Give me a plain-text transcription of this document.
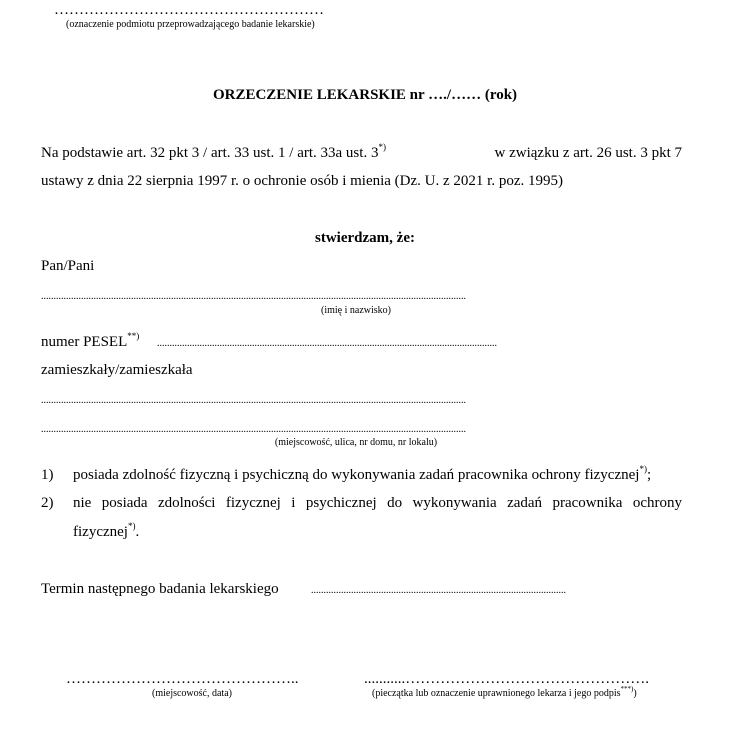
………………………………………………
(oznaczenie podmiotu przeprowadzającego badanie lekarskie)
ORZECZENIE LEKARSKIE nr …./…… (rok)
Na podstawie art. 32 pkt 3 / art. 33 ust. 1 / art. 33a ust. 3*)	w związku z art. 26 ust. 3 pkt 7
ustawy z dnia 22 sierpnia 1997 r. o ochronie osób i mienia (Dz. U. z 2021 r. poz. 1995)
stwierdzam, że:
Pan/Pani
..........................................................................................................................................................................
(imię i nazwisko)
numer PESEL**)
........................................................................................................................................
zamieszkały/zamieszkała
..........................................................................................................................................................................
..........................................................................................................................................................................
(miejscowość, ulica, nr domu, nr lokalu)
1) posiada zdolność fizyczną i psychiczną do wykonywania zadań pracownika ochrony fizycznej*);
2) nie posiada zdolności fizycznej i psychicznej do wykonywania zadań pracownika ochrony
fizycznej*).
Termin następnego badania lekarskiego	......................................................................................................
………………………………………..
(miejscowość, data)
...........………………………………………….
(pieczątka lub oznaczenie uprawnionego lekarza i jego podpis***))
